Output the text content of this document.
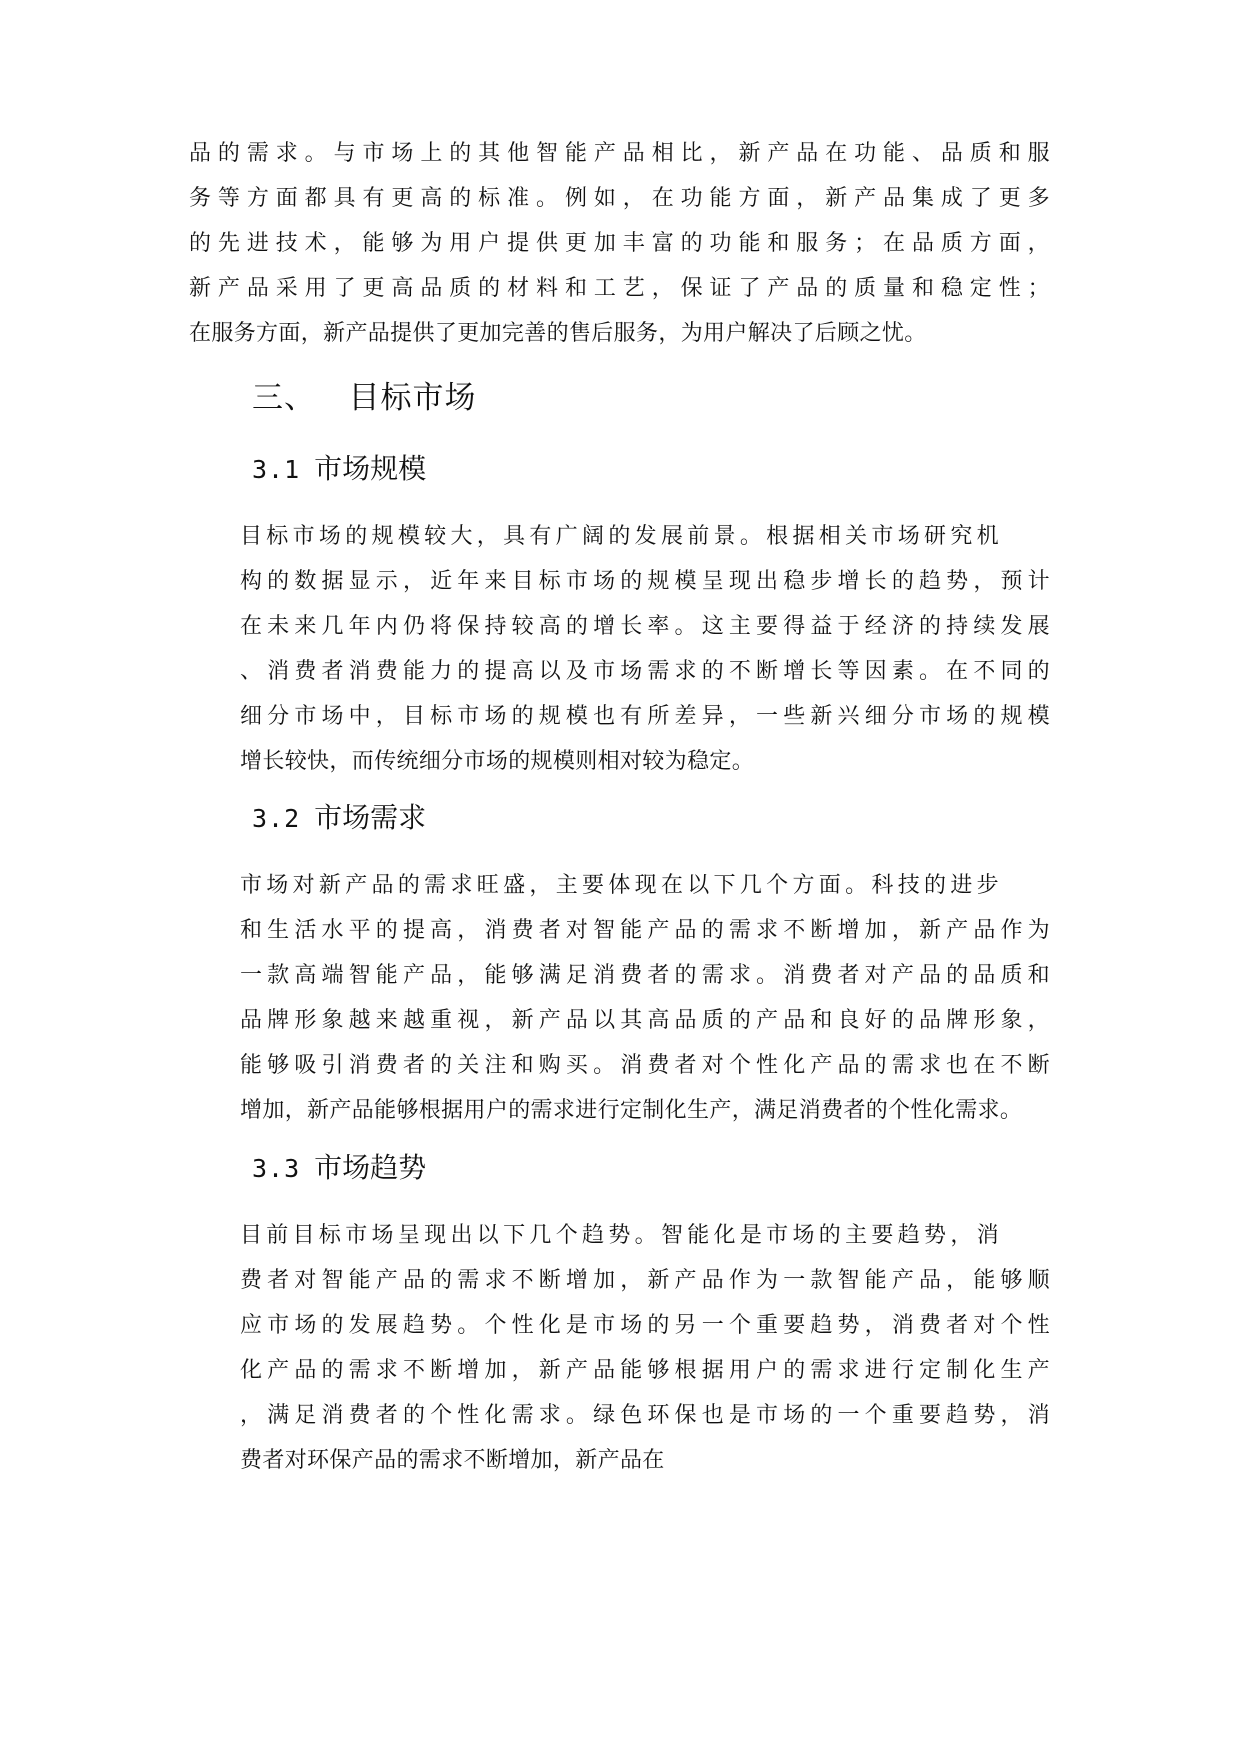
品的需求。与市场上的其他智能产品相比，新产品在功能、品质和服
务等方面都具有更高的标准。例如，在功能方面，新产品集成了更多
的先进技术，能够为用户提供更加丰富的功能和服务；在品质方面，
新产品采用了更高品质的材料和工艺，保证了产品的质量和稳定性；
在服务方面，新产品提供了更加完善的售后服务，为用户解决了后顾之忧。

三、   目标市场
3.1 市场规模

目标市场的规模较大，具有广阔的发展前景。根据相关市场研究机
构的数据显示，近年来目标市场的规模呈现出稳步增长的趋势，预计
在未来几年内仍将保持较高的增长率。这主要得益于经济的持续发展
、消费者消费能力的提高以及市场需求的不断增长等因素。在不同的
细分市场中，目标市场的规模也有所差异，一些新兴细分市场的规模
增长较快，而传统细分市场的规模则相对较为稳定。

3.2 市场需求

市场对新产品的需求旺盛，主要体现在以下几个方面。科技的进步
和生活水平的提高，消费者对智能产品的需求不断增加，新产品作为
一款高端智能产品，能够满足消费者的需求。消费者对产品的品质和
品牌形象越来越重视，新产品以其高品质的产品和良好的品牌形象，
能够吸引消费者的关注和购买。消费者对个性化产品的需求也在不断
增加，新产品能够根据用户的需求进行定制化生产，满足消费者的个性化需求。

3.3 市场趋势

目前目标市场呈现出以下几个趋势。智能化是市场的主要趋势，消
费者对智能产品的需求不断增加，新产品作为一款智能产品，能够顺
应市场的发展趋势。个性化是市场的另一个重要趋势，消费者对个性
化产品的需求不断增加，新产品能够根据用户的需求进行定制化生产
，满足消费者的个性化需求。绿色环保也是市场的一个重要趋势，消
费者对环保产品的需求不断增加，新产品在
